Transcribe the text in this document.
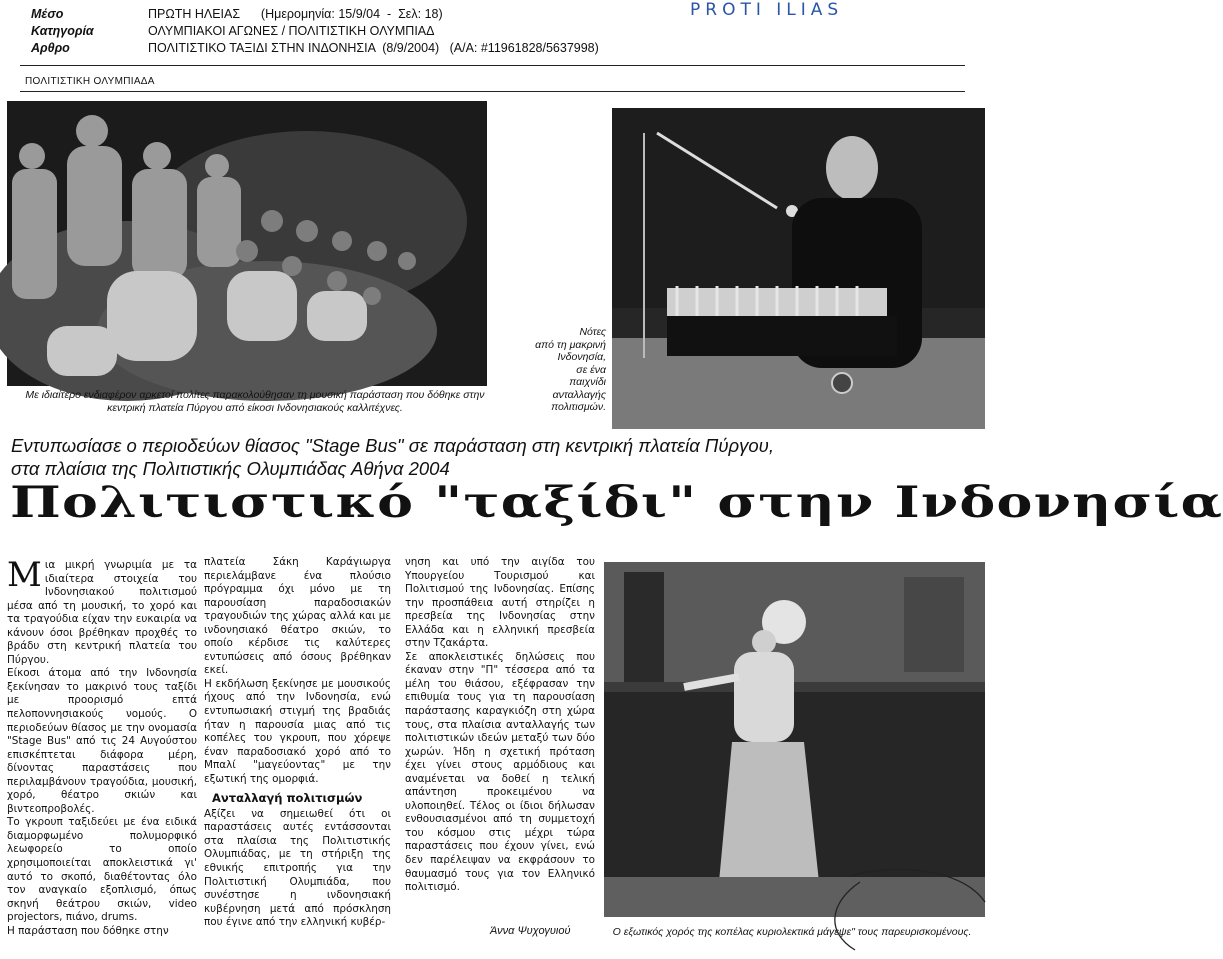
Μέσο	ΠΡΩΤΗ ΗΛΕΙΑΣ      (Ημερομηνία: 15/9/04  -  Σελ: 18)
Κατηγορία	ΟΛΥΜΠΙΑΚΟΙ ΑΓΩΝΕΣ / ΠΟΛΙΤΙΣΤΙΚΗ ΟΛΥΜΠΙΑΔ
Αρθρο	ΠΟΛΙΤΙΣΤΙΚΟ ΤΑΞΙΔΙ ΣΤΗΝ ΙΝΔΟΝΗΣΙΑ  (8/9/2004)   (Α/Α: #11961828/5637998)
PROTI ILIAS
ΠΟΛΙΤΙΣΤΙΚΗ ΟΛΥΜΠΙΑΔΑ
Με ιδιαίτερο ενδιαφέρον αρκετοί πολίτες παρακολούθησαν τη μουσική παράσταση που δόθηκε στην κεντρική πλατεία Πύργου από είκοσι Ινδονησιακούς καλλιτέχνες.
Νότες
από τη μακρινή
Ινδονησία,
σε ένα
παιχνίδι
ανταλλαγής
πολιτισμών.
Εντυπωσίασε ο περιοδεύων θίασος "Stage Bus" σε παράσταση στη κεντρική πλατεία Πύργου,
στα πλαίσια της Πολιτιστικής Ολυμπιάδας Αθήνα 2004
Πολιτιστικό "ταξίδι" στην Ινδονησία

Μια μικρή γνωριμία με τα ιδιαίτερα στοιχεία του Ινδονησιακού πολιτισμού μέσα από τη μουσική, το χορό και τα τραγούδια είχαν την ευκαιρία να κάνουν όσοι βρέθηκαν προχθές το βράδυ στη κεντρική πλατεία του Πύργου.

Είκοσι άτομα από την Ινδονησία ξεκίνησαν το μακρινό τους ταξίδι με προορισμό επτά πελοποννησιακούς νομούς. Ο περιοδεύων θίασος με την ονομασία "Stage Bus" από τις 24 Αυγούστου επισκέπτεται διάφορα μέρη, δίνοντας παραστάσεις που περιλαμβάνουν τραγούδια, μουσική, χορό, θέατρο σκιών και βιντεοπροβολές.

Το γκρουπ ταξιδεύει με ένα ειδικά διαμορφωμένο πολυμορφικό λεωφορείο το οποίο χρησιμοποιείται αποκλειστικά γι' αυτό το σκοπό, διαθέτοντας όλο τον αναγκαίο εξοπλισμό, όπως σκηνή θεάτρου σκιών, video projectors, πιάνο, drums.

Η παράσταση που δόθηκε στην

πλατεία Σάκη Καράγιωργα περιελάμβανε ένα πλούσιο πρόγραμμα όχι μόνο με τη παρουσίαση παραδοσιακών τραγουδιών της χώρας αλλά και με ινδονησιακό θέατρο σκιών, το οποίο κέρδισε τις καλύτερες εντυπώσεις από όσους βρέθηκαν εκεί.

Η εκδήλωση ξεκίνησε με μουσικούς ήχους από την Ινδονησία, ενώ εντυπωσιακή στιγμή της βραδιάς ήταν η παρουσία μιας από τις κοπέλες του γκρουπ, που χόρεψε έναν παραδοσιακό χορό από το Μπαλί "μαγεύοντας" με την εξωτική της ομορφιά.

Ανταλλαγή πολιτισμών

Αξίζει να σημειωθεί ότι οι παραστάσεις αυτές εντάσσονται στα πλαίσια της Πολιτιστικής Ολυμπιάδας, με τη στήριξη της εθνικής επιτροπής για την Πολιτιστική Ολυμπιάδα, που συνέστησε η ινδονησιακή κυβέρνηση μετά από πρόσκληση που έγινε από την ελληνική κυβέρ-

νηση και υπό την αιγίδα του Υπουργείου Τουρισμού και Πολιτισμού της Ινδονησίας. Επίσης την προσπάθεια αυτή στηρίζει η πρεσβεία της Ινδονησίας στην Ελλάδα και η ελληνική πρεσβεία στην Τζακάρτα.

Σε αποκλειστικές δηλώσεις που έκαναν στην "Π" τέσσερα από τα μέλη του θιάσου, εξέφρασαν την επιθυμία τους για τη παρουσίαση παράστασης καραγκιόζη στη χώρα τους, στα πλαίσια ανταλλαγής των πολιτιστικών ιδεών μεταξύ των δύο χωρών. Ήδη η σχετική πρόταση έχει γίνει στους αρμόδιους και αναμένεται να δοθεί η τελική απάντηση προκειμένου να υλοποιηθεί. Τέλος οι ίδιοι δήλωσαν ενθουσιασμένοι από τη συμμετοχή του κόσμου στις μέχρι τώρα παραστάσεις που έχουν γίνει, ενώ δεν παρέλειψαν να εκφράσουν το θαυμασμό τους για τον Ελληνικό πολιτισμό.

Άννα Ψυχογυιού	Ο εξωτικός χορός της κοπέλας κυριολεκτικά μάγεψε" τους παρευρισκομένους.
